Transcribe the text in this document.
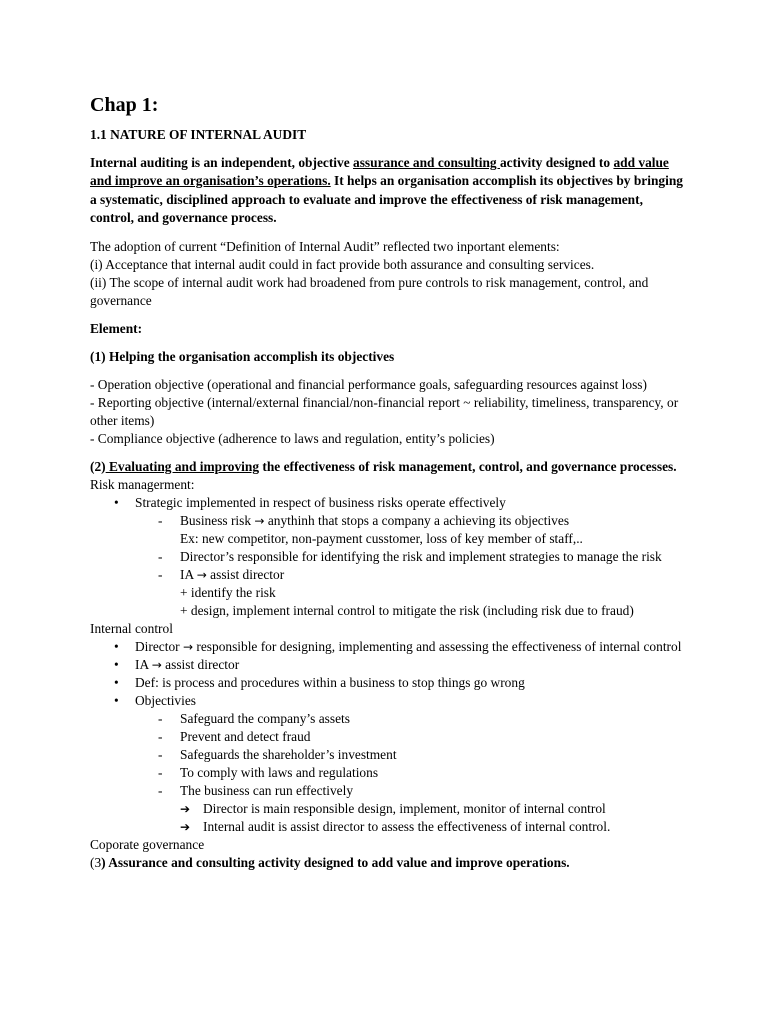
Chap 1:

1.1 NATURE OF INTERNAL AUDIT

Internal auditing is an independent, objective assurance and consulting activity designed to add value and improve an organisation’s operations. It helps an organisation accomplish its objectives by bringing a systematic, disciplined approach to evaluate and improve the effectiveness of risk management, control, and governance process.

The adoption of current “Definition of Internal Audit” reflected two inportant elements:

(i) Acceptance that internal audit could in fact provide both assurance and consulting services.

(ii) The scope of internal audit work had broadened from pure controls to risk management, control, and governance

Element:

(1) Helping the organisation accomplish its objectives

- Operation objective (operational and financial performance goals, safeguarding resources against loss)

- Reporting objective (internal/external financial/non-financial report ~ reliability, timeliness, transparency, or other items)

- Compliance objective (adherence to laws and regulation, entity’s policies)

(2) Evaluating and improving the effectiveness of risk management, control, and governance processes.

Risk managerment:

• Strategic implemented in respect of business risks operate effectively
- Business risk → anythinh that stops a company a achieving its objectives
Ex: new competitor, non-payment cusstomer, loss of key member of staff,..
- Director’s responsible for identifying the risk and implement strategies to manage the risk
- IA → assist director
+ identify the risk
+ design, implement internal control to mitigate the risk (including risk due to fraud)

Internal control

• Director → responsible for designing, implementing and assessing the effectiveness of internal control
• IA → assist director
• Def: is process and procedures within a business to stop things go wrong
• Objectivies
- Safeguard the company’s assets
- Prevent and detect fraud
- Safeguards the shareholder’s investment
- To comply with laws and regulations
- The business can run effectively
➔ Director is main responsible design, implement, monitor of internal control
➔ Internal audit is assist director to assess the effectiveness of internal control.

Coporate governance

(3) Assurance and consulting activity designed to add value and improve operations.
